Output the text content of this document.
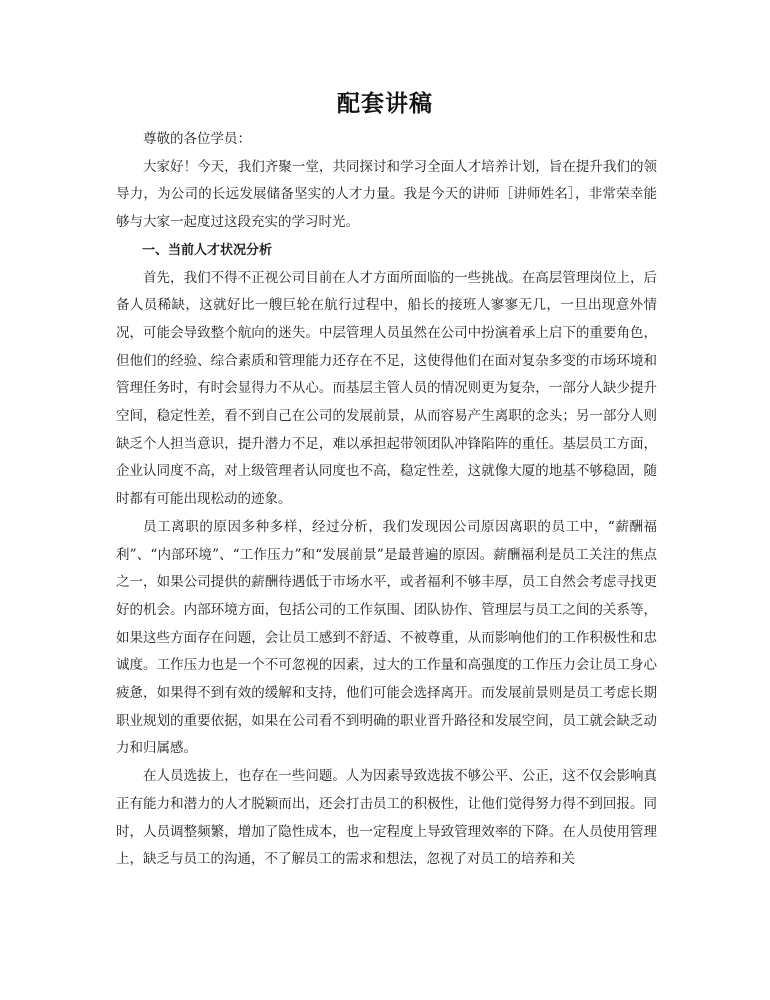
配套讲稿

尊敬的各位学员：

大家好！今天，我们齐聚一堂，共同探讨和学习全面人才培养计划，旨在提升我们的领导力，为公司的长远发展储备坚实的人才力量。我是今天的讲师［讲师姓名］，非常荣幸能够与大家一起度过这段充实的学习时光。

一、当前人才状况分析

首先，我们不得不正视公司目前在人才方面所面临的一些挑战。在高层管理岗位上，后备人员稀缺，这就好比一艘巨轮在航行过程中，船长的接班人寥寥无几，一旦出现意外情况，可能会导致整个航向的迷失。中层管理人员虽然在公司中扮演着承上启下的重要角色，但他们的经验、综合素质和管理能力还存在不足，这使得他们在面对复杂多变的市场环境和管理任务时，有时会显得力不从心。而基层主管人员的情况则更为复杂，一部分人缺少提升空间，稳定性差，看不到自己在公司的发展前景，从而容易产生离职的念头；另一部分人则缺乏个人担当意识，提升潜力不足，难以承担起带领团队冲锋陷阵的重任。基层员工方面，企业认同度不高，对上级管理者认同度也不高，稳定性差，这就像大厦的地基不够稳固，随时都有可能出现松动的迹象。

员工离职的原因多种多样，经过分析，我们发现因公司原因离职的员工中，“薪酬福利”、“内部环境”、“工作压力”和“发展前景”是最普遍的原因。薪酬福利是员工关注的焦点之一，如果公司提供的薪酬待遇低于市场水平，或者福利不够丰厚，员工自然会考虑寻找更好的机会。内部环境方面，包括公司的工作氛围、团队协作、管理层与员工之间的关系等，如果这些方面存在问题，会让员工感到不舒适、不被尊重，从而影响他们的工作积极性和忠诚度。工作压力也是一个不可忽视的因素，过大的工作量和高强度的工作压力会让员工身心疲惫，如果得不到有效的缓解和支持，他们可能会选择离开。而发展前景则是员工考虑长期职业规划的重要依据，如果在公司看不到明确的职业晋升路径和发展空间，员工就会缺乏动力和归属感。

在人员选拔上，也存在一些问题。人为因素导致选拔不够公平、公正，这不仅会影响真正有能力和潜力的人才脱颖而出，还会打击员工的积极性，让他们觉得努力得不到回报。同时，人员调整频繁，增加了隐性成本，也一定程度上导致管理效率的下降。在人员使用管理上，缺乏与员工的沟通，不了解员工的需求和想法，忽视了对员工的培养和关
